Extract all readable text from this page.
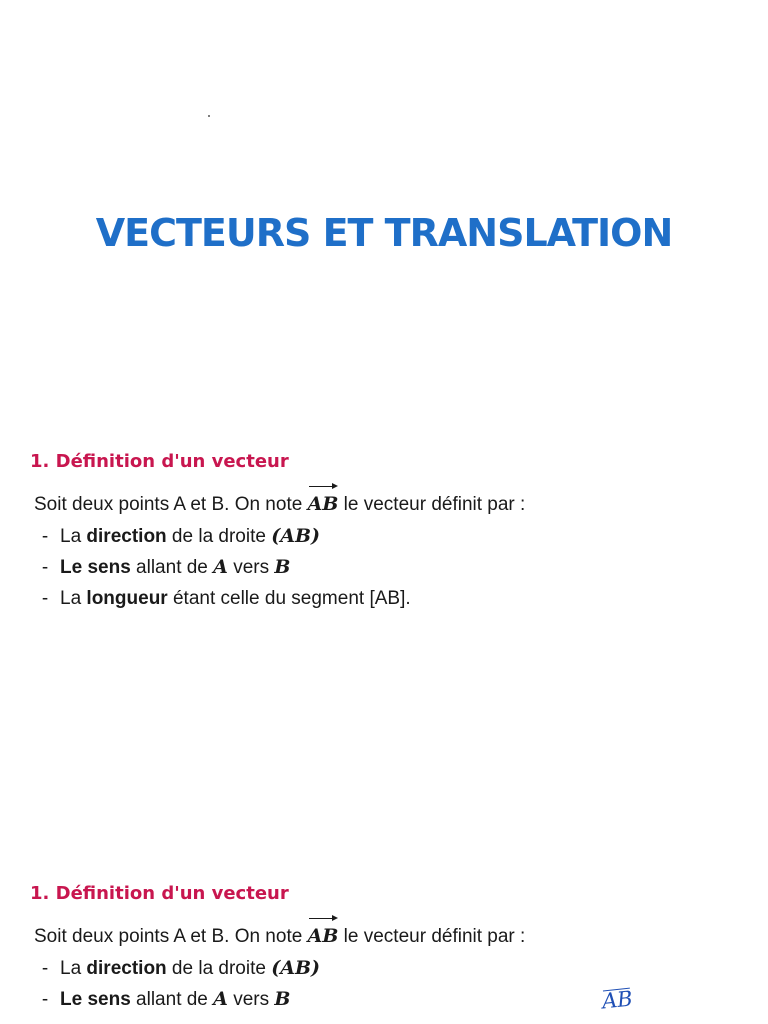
VECTEURS ET TRANSLATION
1. Définition d'un vecteur

Soit deux points A et B. On note AB le vecteur définit par :

- La direction de la droite (AB)
- Le sens allant de A vers B
- La longueur étant celle du segment [AB].
1. Définition d'un vecteur

Soit deux points A et B. On note AB le vecteur définit par :

- La direction de la droite (AB)
- Le sens allant de A vers B	AB
